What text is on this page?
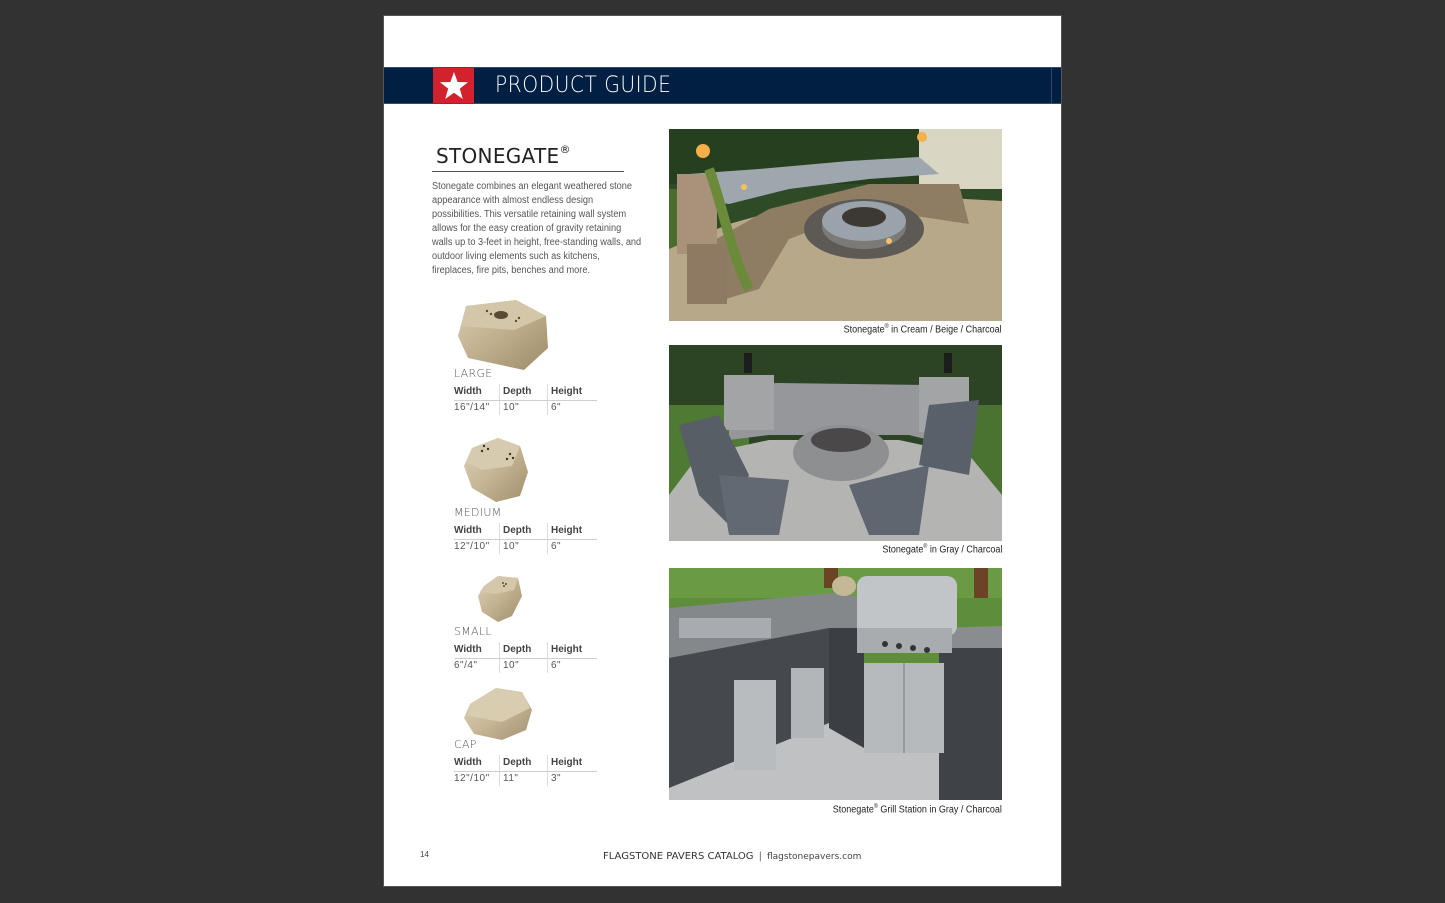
PRODUCT GUIDE
STONEGATE®
Stonegate combines an elegant weathered stone appearance with almost endless design possibilities. This versatile retaining wall system allows for the easy creation of gravity retaining walls up to 3-feet in height, free-standing walls, and outdoor living elements such as kitchens, fireplaces, fire pits, benches and more.
LARGE
Width	Depth	Height
16"/14"	10"	6"
MEDIUM
Width	Depth	Height
12"/10"	10"	6"
SMALL
Width	Depth	Height
6"/4"	10"	6"
CAP
Width	Depth	Height
12"/10"	11"	3"
Stonegate® in Cream / Beige / Charcoal
Stonegate® in Gray / Charcoal
Stonegate® Grill Station in Gray / Charcoal
14	FLAGSTONE PAVERS CATALOG | flagstonepavers.com
